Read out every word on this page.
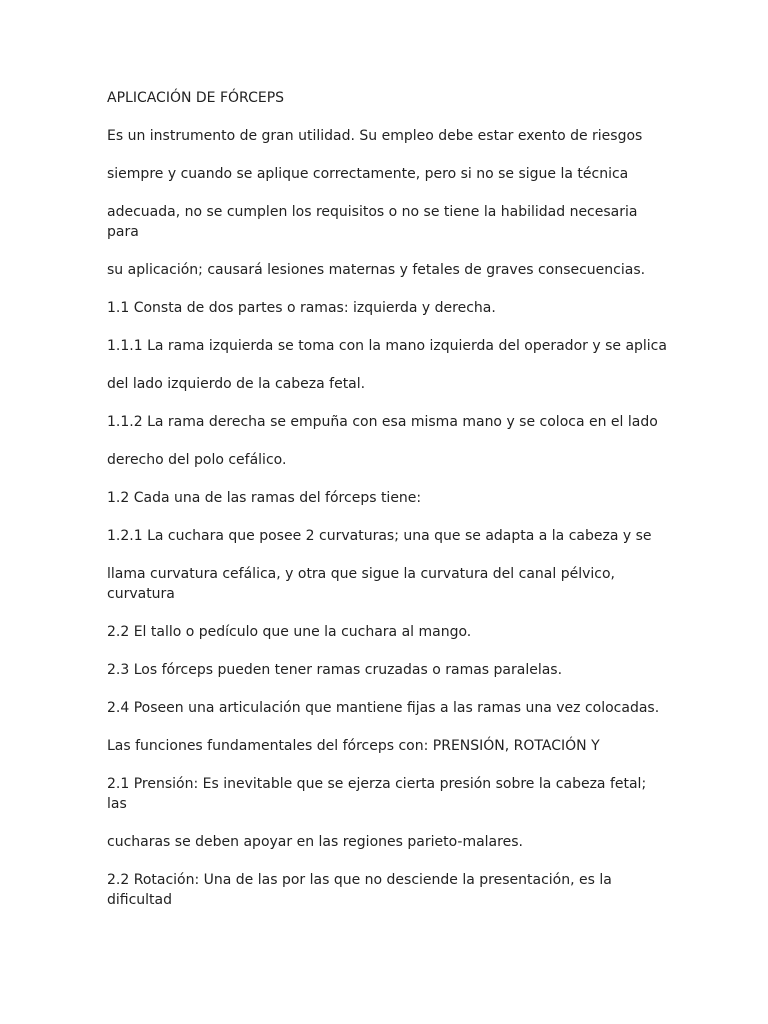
APLICACIÓN DE FÓRCEPS

Es un instrumento de gran utilidad. Su empleo debe estar exento de riesgos

siempre y cuando se aplique correctamente, pero si no se sigue la técnica

adecuada, no se cumplen los requisitos o no se tiene la habilidad necesaria para

su aplicación; causará lesiones maternas y fetales de graves consecuencias.

1.1 Consta de dos partes o ramas: izquierda y derecha.

1.1.1 La rama izquierda se toma con la mano izquierda del operador y se aplica

del lado izquierdo de la cabeza fetal.

1.1.2 La rama derecha se empuña con esa misma mano y se coloca en el lado

derecho del polo cefálico.

1.2 Cada una de las ramas del fórceps tiene:

1.2.1 La cuchara que posee 2 curvaturas; una que se adapta a la cabeza y se

llama curvatura cefálica, y otra que sigue la curvatura del canal pélvico, curvatura

2.2 El tallo o pedículo que une la cuchara al mango.

2.3 Los fórceps pueden tener ramas cruzadas o ramas paralelas.

2.4 Poseen una articulación que mantiene fijas a las ramas una vez colocadas.

Las funciones fundamentales del fórceps con: PRENSIÓN, ROTACIÓN Y

2.1 Prensión: Es inevitable que se ejerza cierta presión sobre la cabeza fetal; las

cucharas se deben apoyar en las regiones parieto-malares.

2.2 Rotación: Una de las por las que no desciende la presentación, es la dificultad
